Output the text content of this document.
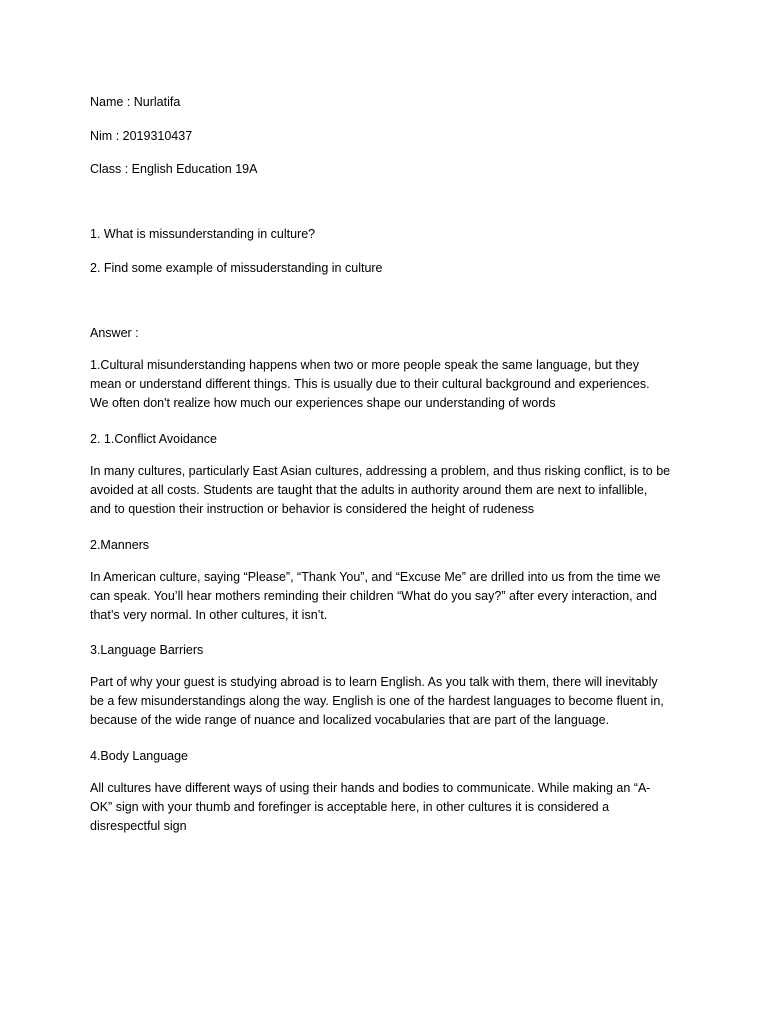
Name : Nurlatifa
Nim : 2019310437
Class : English Education 19A
1. What is missunderstanding in culture?
2. Find some example of missuderstanding in culture
Answer :
1.Cultural misunderstanding happens when two or more people speak the same language, but they
mean or understand different things. This is usually due to their cultural background and experiences.
We often don't realize how much our experiences shape our understanding of words
2. 1.Conflict Avoidance
In many cultures, particularly East Asian cultures, addressing a problem, and thus risking conflict, is to be
avoided at all costs. Students are taught that the adults in authority around them are next to infallible,
and to question their instruction or behavior is considered the height of rudeness
2.Manners
In American culture, saying “Please”, “Thank You”, and “Excuse Me” are drilled into us from the time we
can speak. You’ll hear mothers reminding their children “What do you say?” after every interaction, and
that’s very normal. In other cultures, it isn’t.
3.Language Barriers
Part of why your guest is studying abroad is to learn English. As you talk with them, there will inevitably
be a few misunderstandings along the way. English is one of the hardest languages to become fluent in,
because of the wide range of nuance and localized vocabularies that are part of the language.
4.Body Language
All cultures have different ways of using their hands and bodies to communicate. While making an “A-
OK” sign with your thumb and forefinger is acceptable here, in other cultures it is considered a
disrespectful sign
